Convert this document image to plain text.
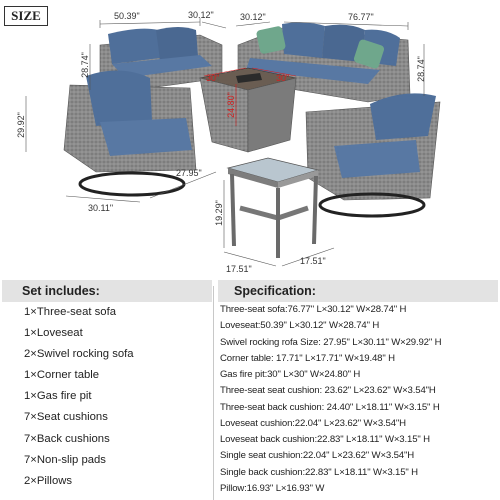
SIZE	50.39"	30.12"	30.12"	76.77"
28.74"	28.74"
30"	30"
24.80"
29.92"
30.11"
27.95"
19.29"
17.51"
17.51"
Set includes:
1×Three-seat sofa
1×Loveseat
2×Swivel rocking sofa
1×Corner table
1×Gas fire pit
7×Seat cushions
7×Back cushions
7×Non-slip pads
2×Pillows
Specification:
Three-seat sofa:76.77" L×30.12" W×28.74" H
Loveseat:50.39" L×30.12" W×28.74" H
Swivel rocking rofa Size: 27.95" L×30.11" W×29.92" H
Corner table: 17.71" L×17.71" W×19.48" H
Gas fire pit:30" L×30" W×24.80" H
Three-seat seat cushion: 23.62" L×23.62" W×3.54"H
Three-seat back cushion: 24.40" L×18.11" W×3.15" H
Loveseat cushion:22.04" L×23.62" W×3.54"H
Loveseat back cushion:22.83" L×18.11" W×3.15" H
Single seat cushion:22.04" L×23.62" W×3.54"H
Single back cushion:22.83" L×18.11" W×3.15" H
Pillow:16.93" L×16.93" W
